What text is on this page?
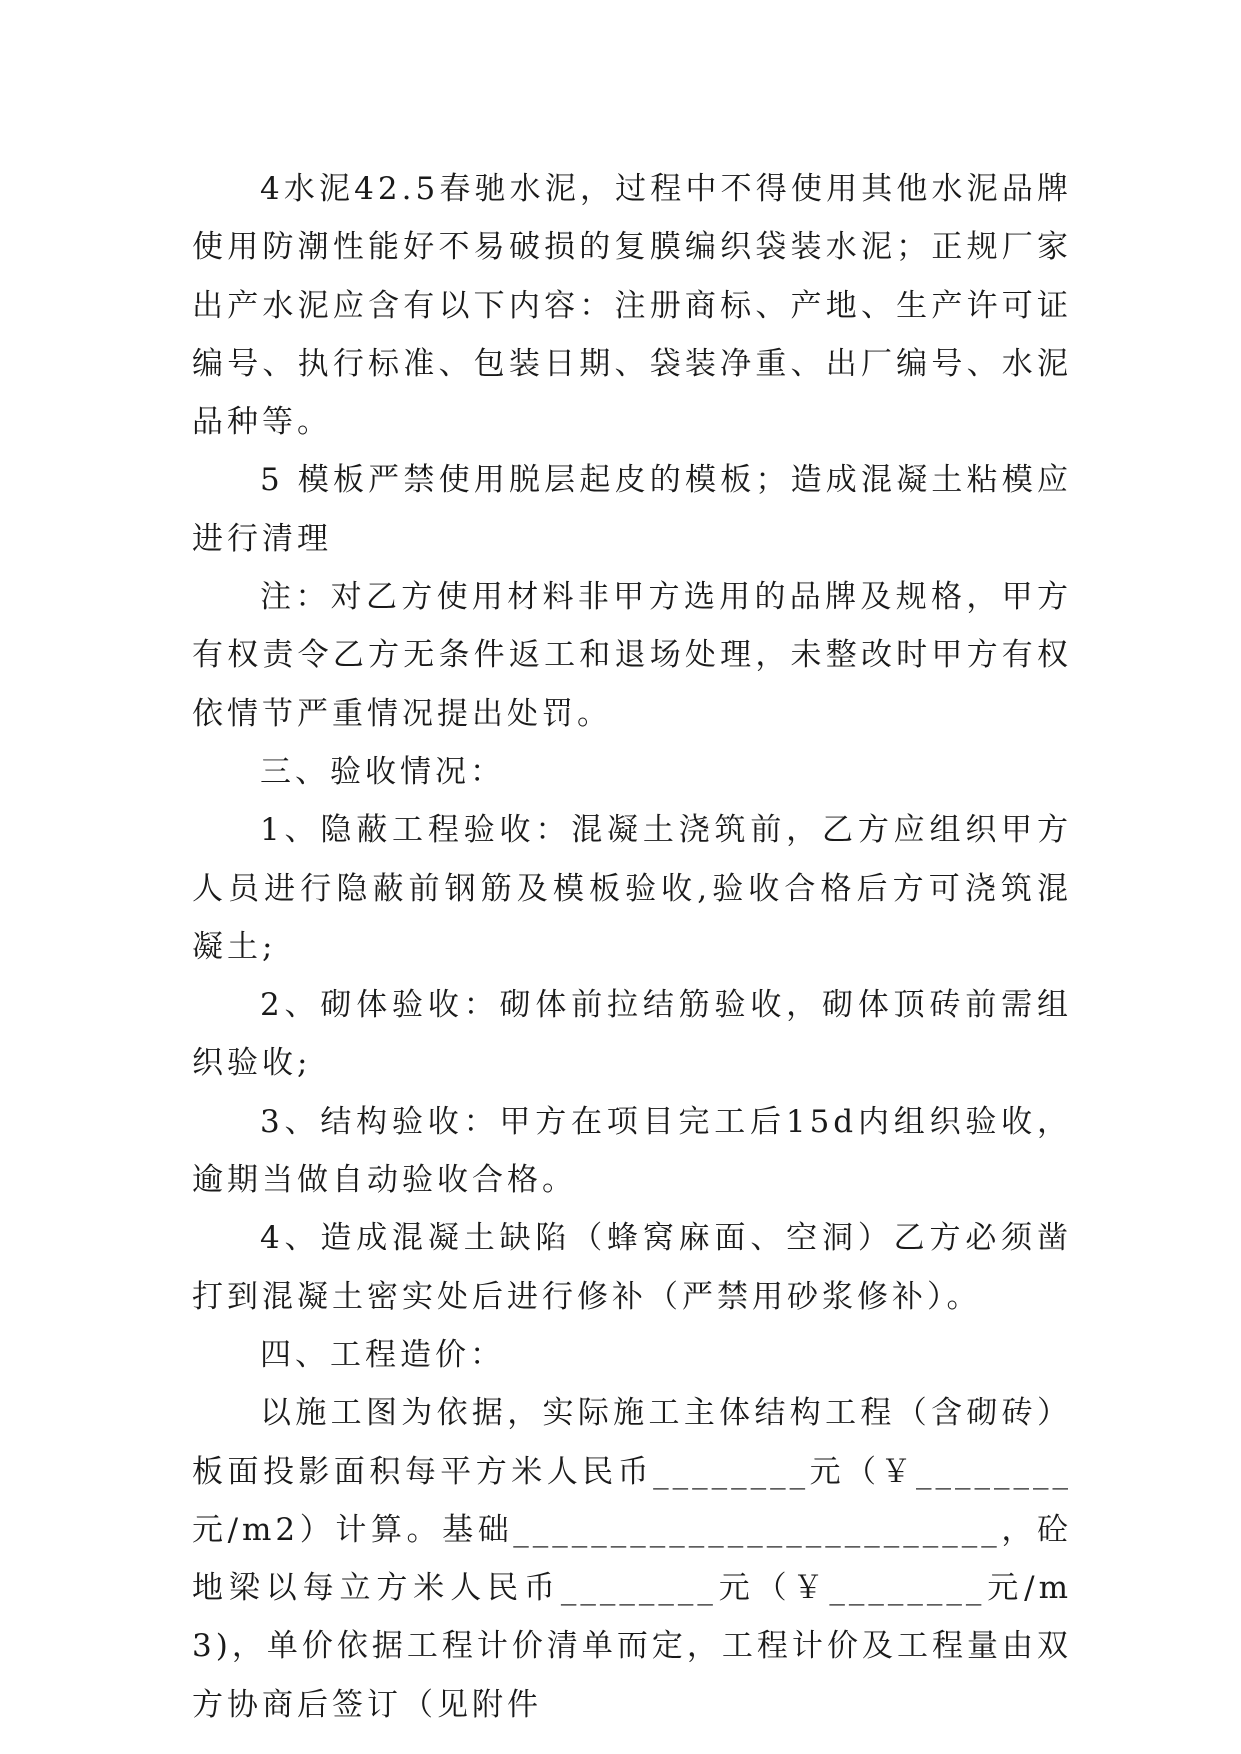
4水泥42.5春驰水泥，过程中不得使用其他水泥品牌使用防潮性能好不易破损的复膜编织袋装水泥；正规厂家出产水泥应含有以下内容：注册商标、产地、生产许可证编号、执行标准、包装日期、袋装净重、出厂编号、水泥品种等。

5 模板严禁使用脱层起皮的模板；造成混凝土粘模应进行清理

注：对乙方使用材料非甲方选用的品牌及规格，甲方有权责令乙方无条件返工和退场处理，未整改时甲方有权依情节严重情况提出处罚。

三、验收情况：

1、隐蔽工程验收：混凝土浇筑前，乙方应组织甲方人员进行隐蔽前钢筋及模板验收,验收合格后方可浇筑混凝土;

2、砌体验收：砌体前拉结筋验收，砌体顶砖前需组织验收;

3、结构验收：甲方在项目完工后15d内组织验收，逾期当做自动验收合格。

4、造成混凝土缺陷（蜂窝麻面、空洞）乙方必须凿打到混凝土密实处后进行修补（严禁用砂浆修补）。

四、工程造价：

以施工图为依据，实际施工主体结构工程（含砌砖）板面投影面积每平方米人民币________元（￥________元/m2）计算。基础_________________________，砼地梁以每立方米人民币________元（￥________元/m3)，单价依据工程计价清单而定，工程计价及工程量由双方协商后签订（见附件
